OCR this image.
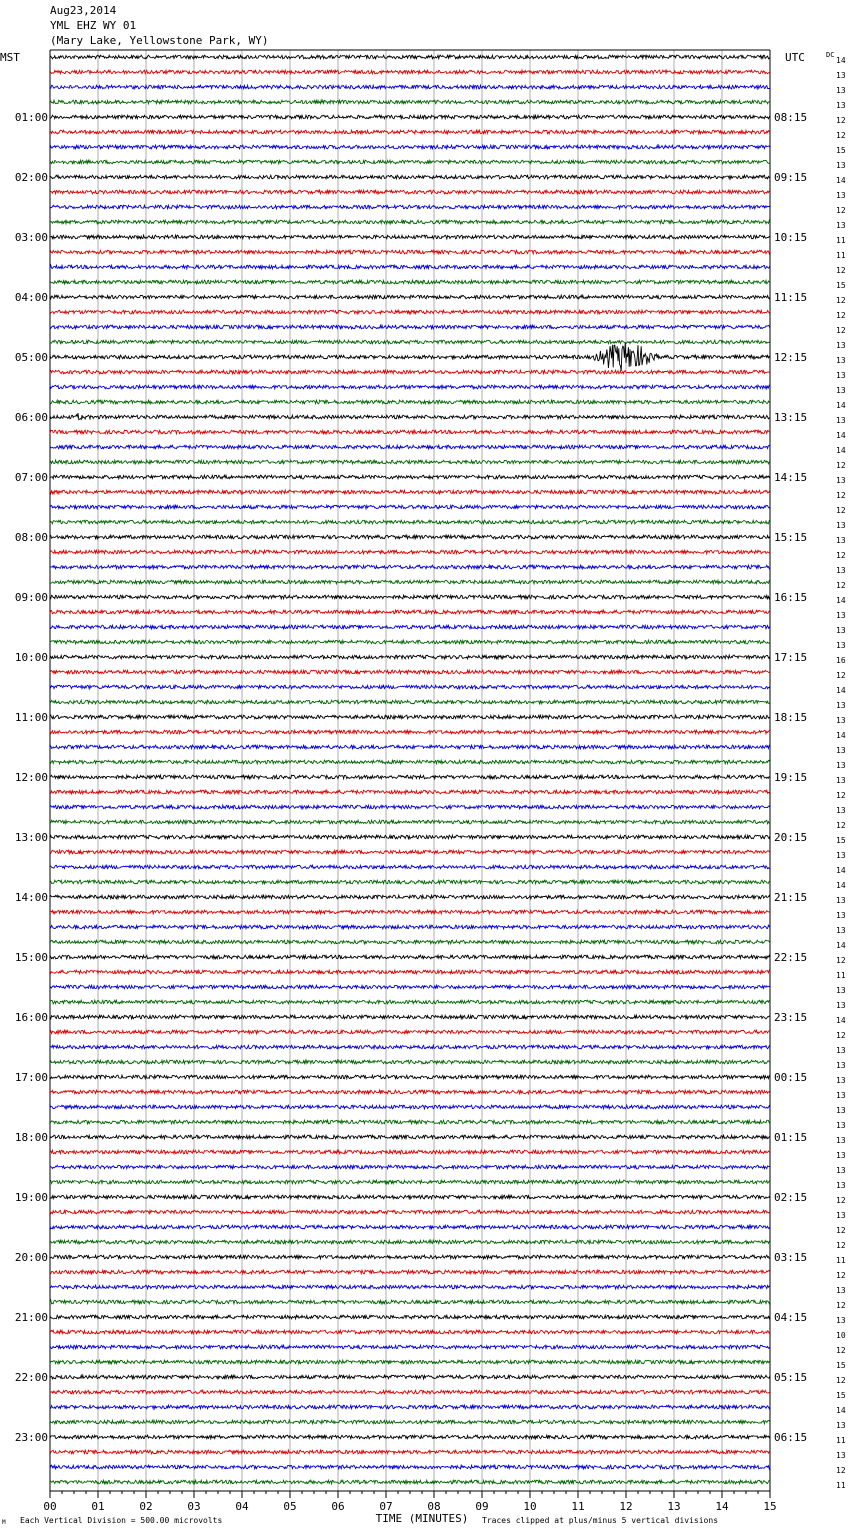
Aug23,2014
YML EHZ WY 01
(Mary Lake, Yellowstone Park, WY)
14
13
13
13
12
12
15
13
14
13
12
13
11
11
12
15
12
12
12
13
13
13
13
14
13
14
14
12
13
12
12
13
13
12
13
12
14
13
13
13
16
12
14
13
13
14
13
13
13
12
13
12
15
13
14
14
13
13
13
14
12
11
13
13
14
12
13
13
13
13
13
13
13
13
13
13
12
13
12
12
11
12
13
12
13
10
12
15
12
15
14
13
11
13
12
11
01:00	08:15
02:00	09:15
03:00	10:15
04:00	11:15
05:00	12:15
06:00	13:15
07:00	14:15
08:00	15:15
09:00	16:15
10:00	17:15
11:00	18:15
12:00	19:15
13:00	20:15
14:00	21:15
15:00	22:15
16:00	23:15
17:00	00:15
18:00	01:15
19:00	02:15
20:00	03:15
21:00	04:15
22:00	05:15
23:00	06:15
MST	UTC	DC
00	01	02	03	04	05	06	07	08	09	10	11	12	13	14	15
TIME (MINUTES)
M Each Vertical Division = 500.00 microvolts	Traces clipped at plus/minus 5 vertical divisions
